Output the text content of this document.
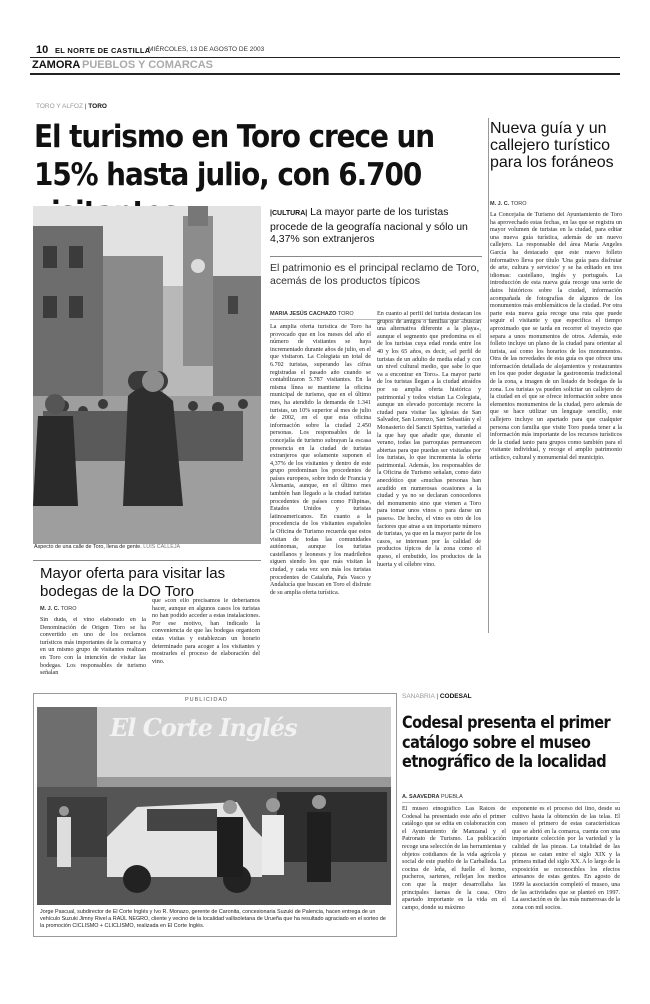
10 EL NORTE DE CASTILLA
MIÉRCOLES, 13 DE AGOSTO DE 2003
ZAMORA PUEBLOS Y COMARCAS
TORO Y ALFOZ | TORO
El turismo en Toro crece un 15% hasta julio, con 6.700
Nueva guía y un callejero turístico para los foráneos
M. J. C. TORO
La Concejalía de Turismo del Ayuntamiento de Toro ha aprovechado estas fechas, en las que se registra un mayor volumen de turistas en la ciudad, para editar una nueva guía turística, además de un nuevo callejero. La responsable del área María Angeles García ha destacado que este nuevo folleto informativo lleva por título 'Una guía para disfrutar de arte, cultura y servicios' y se ha editado en tres idiomas: castellano, inglés y portugués. La introducción de esta nueva guía recoge una serie de datos históricos sobre la ciudad, información acompañada de fotografías de algunos de los monumentos más emblemáticos de la ciudad. Por otra parte esta nueva guía recoge una ruta que puede seguir el visitante y que especifica el tiempo aproximado que se tarda en recorrer el trayecto que separa a unos monumentos de otros. Además, este folleto incluye un plano de la ciudad para orientar al turista, así como los horarios de los monumentos. Otra de las novedades de esta guía es que ofrece una información detallada de alojamientos y restaurantes en los que poder degustar la gastronomía tradicional de la zona, a imagen de un listado de bodegas de la zona. Los turistas ya pueden solicitar un callejero de la ciudad en el que se ofrece información sobre unos elementos monumentos de la ciudad, pero además de que se hace utilizar un lenguaje sencillo, este callejero incluye un apartado para que cualquier persona con familia que visite Toro pueda tener a la información más importante de los recursos turísticos de la ciudad tanto para grupos como también para el visitante individual, y recoge el amplio patrimonio artístico, cultural y monumental del municipio.
Aspecto de una calle de Toro, llena de gente. LUIS CALLEJA
|CULTURA| La mayor parte de los turistas procede de la geografía nacional y sólo un 4,37% son extranjeros
El patrimonio es el principal reclamo de Toro, acemás de los productos típicos
MARIA JESÚS CACHAZO TORO
La amplia oferta turística de Toro ha provocado que en los meses del año el número de visitantes se haya incrementado durante años de julio, en el que visitaron. La Colegiata un total de 6.702 turistas, superando las cifras registradas el pasado año cuando se contabilizaron 5.787 visitantes. En la misma línea se mantiene la oficina municipal de turismo, que en el último mes, ha atendido la demanda de 1.341 turistas, un 10% superior al mes de julio de 2002, en el que esta oficina información sobre la ciudad 2.450 personas. Los responsables de la concejalía de turismo subrayan la escasa presencia en la ciudad de turistas extranjeros que solamente suponen el 4,37% de los visitantes y dentro de este grupo predominan los procedentes de países europeos, sobre todo de Francia y Alemania, aunque, en el último mes también han llegado a la ciudad turistas procedentes de países como Filipinas, Estados Unidos y turistas latinoamericanos. En cuanto a la procedencia de los visitantes españoles la Oficina de Turismo recuerda que estos visitan de todas las comunidades autónomas, aunque los turistas castellanos y leoneses y los madrileños siguen siendo los que más visitan la ciudad, y cada vez son más los turistas procedentes de Cataluña, País Vasco y Andalucía que buscan en Toro el disfrute de su amplia oferta turística.
En cuanto al perfil del turista destacan los grupos de amigos o familias que «buscan una alternativa diferente a la playa», aunque el segmento que predomina es el de los turistas cuya edad ronda entre los 40 y los 65 años, es decir, «el perfil de turistas de un adulto de media edad y con un nivel cultural medio, que sabe lo que va a encontrar en Toro». La mayor parte de los turistas llegan a la ciudad atraídos por su amplia oferta histórica y patrimonial y todos visitan La Colegiata, aunque un elevado porcentaje recorre la ciudad para visitar las iglesias de San Salvador, San Lorenzo, San Sebastián y el Monasterio del Sancti Spiritus, variedad a la que hay que añadir que, durante el verano, todas las parroquias permanecen abiertas para que puedan ser visitadas por los turistas, lo que incrementa la oferta patrimonial. Además, los responsables de la Oficina de Turismo señalan, como dato anecdótico que «muchas personas han acudido en numerosas ocasiones a la ciudad y ya no se declaran conocedores del monumento sino que vienen a Toro para tomar unos vinos o para darse un paseo». De hecho, el vino es otro de los factores que atrae a un importante número de turistas, ya que en la mayor parte de los casos, se interesan por la calidad de productos típicos de la zona como el queso, el embutido, los productos de la huerta y el célebre vino.
Mayor oferta para visitar las bodegas de la DO Toro
M. J. C. TORO
Sin duda, el vino elaborado en la Denominación de Origen Toro se ha convertido en uno de los reclamos turísticos más importantes de la comarca y en un mismo grupo de visitantes realizan en Toro con la intención de visitar las bodegas. Los responsables de turismo señalan
que «con ello precisamos le deberíamos hacer, aunque en algunos casos los turistas no han podido acceder a estas instalaciones. Por ese motivo, han indicado la conveniencia de que las bodegas organicen estas visitas y establezcan un horario determinado para acoger a los visitantes y mostrarles el proceso de elaboración del vino.
PUBLICIDAD
El Corte Inglés
Jorge Pascual, subdirector de El Corte Inglés y Ivo R. Monazo, gerente de Caronita, concesionaria Suzuki de Palencia, hacen entrega de un vehículo Suzuki Jimny Rivel a RAÚL NEGRO, cliente y vecino de la localidad vallisoletana de Urueña que ha resultado agraciado en el sorteo de la promoción CICLISMO + CLICLISMO, realizada en El Corte Inglés.
SANABRIA | CODESAL
Codesal presenta el primer catálogo sobre el museo etnográfico de la localidad
A. SAAVEDRA PUEBLA
El museo etnográfico Las Raíces de Codesal ha presentado este año el primer catálogo que se edita en colaboración con el Ayuntamiento de Manzanal y el Patronato de Turismo. La publicación recoge una selección de las herramientas y objetos cotidianos de la vida agrícola y social de este pueblo de la Carballeda. La cocina de leña, el fuelle el horno, pucheros, sartenes, reflejan los medios con que la mujer desarrollaba las principales faenas de la casa. Otro apartado importante es la vida en el campo, donde su máximo
exponente es el proceso del lino, desde su cultivo hasta la obtención de las telas. El museo el primero de estas características que se abrió en la comarca, cuenta con una importante colección por la variedad y la calidad de las piezas. La totalidad de las piezas se catan entre el siglo XIX y la primera mitad del siglo XX. A lo largo de la exposición se reconocibles los efectos artesanos de estas gentes. En agosto de 1999 la asociación completó el museo, una de las actividades que se planteó en 1997. La asociación es de las más numerosas de la zona con mil socios.
